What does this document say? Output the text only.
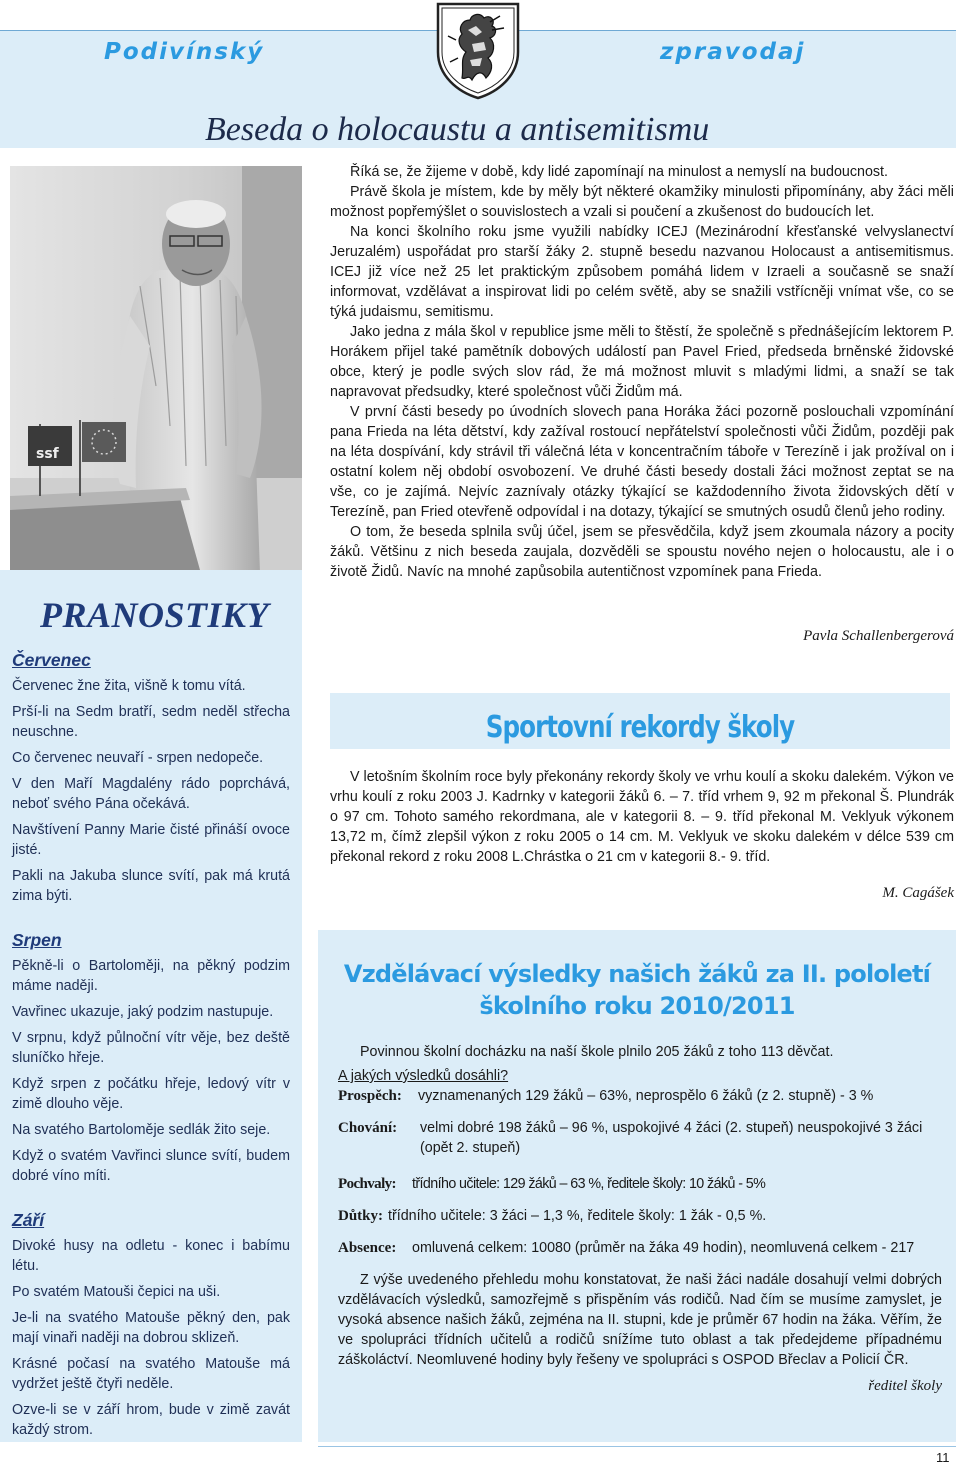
Podivínský	zpravodaj
Beseda o holocaustu a antisemitismu
ssf
PRANOSTIKY
Červenec
Červenec žne žita, višně k tomu vítá.
Prší-li na Sedm bratří, sedm neděl střecha neuschne.
Co červenec neuvaří - srpen nedopeče.
V den Maří Magdalény rádo poprchává, neboť svého Pána očekává.
Navštívení Panny Marie čisté přináší ovoce jisté.
Pakli na Jakuba slunce svítí, pak má krutá zima býti.
Srpen
Pěkně-li o Bartoloměji, na pěkný podzim máme naději.
Vavřinec ukazuje, jaký podzim nastupuje.
V srpnu, když půlnoční vítr věje, bez deště sluníčko hřeje.
Když srpen z počátku hřeje, ledový vítr v zimě dlouho věje.
Na svatého Bartoloměje sedlák žito seje.
Když o svatém Vavřinci slunce svítí, budem dobré víno míti.
Září
Divoké husy na odletu - konec i babímu létu.
Po svatém Matouši čepici na uši.
Je-li na svatého Matouše pěkný den, pak mají vinaři naději na dobrou sklizeň.
Krásné počasí na svatého Matouše má vydržet ještě čtyři neděle.
Ozve-li se v září hrom, bude v zimě zavát každý strom.

Říká se, že žijeme v době, kdy lidé zapomínají na minulost a nemyslí na budoucnost.

Právě škola je místem, kde by měly být některé okamžiky minulosti připomínány, aby žáci měli možnost popřemýšlet o souvislostech a vzali si poučení a zkušenost do budoucích let.

Na konci školního roku jsme využili nabídky ICEJ (Mezinárodní křesťanské velvyslanectví Jeruzalém) uspořádat pro starší žáky 2. stupně besedu nazvanou Holocaust a antisemitismus. ICEJ již více než 25 let praktickým způsobem pomáhá lidem v Izraeli a současně se snaží informovat, vzdělávat a inspirovat lidi po celém světě, aby se snažili vstřícněji vnímat vše, co se týká judaismu, semitismu.

Jako jedna z mála škol v republice jsme měli to štěstí, že společně s přednášejícím lektorem P. Horákem přijel také pamětník dobových událostí pan Pavel Fried, předseda brněnské židovské obce, který je podle svých slov rád, že má možnost mluvit s mladými lidmi, a snaží se tak napravovat předsudky, které společnost vůči Židům má.

V první části besedy po úvodních slovech pana Horáka žáci pozorně poslouchali vzpomínání pana Frieda na léta dětství, kdy zažíval rostoucí nepřátelství společnosti vůči Židům, později pak na léta dospívání, kdy strávil tři válečná léta v koncentračním táboře v Terezíně i jak prožíval on i ostatní kolem něj období osvobození. Ve druhé části besedy dostali žáci možnost zeptat se na vše, co je zajímá. Nejvíc zaznívaly otázky týkající se každodenního života židovských dětí v Terezíně, pan Fried otevřeně odpovídal i na dotazy, týkající se smutných osudů členů jeho rodiny.

O tom, že beseda splnila svůj účel, jsem se přesvědčila, když jsem zkoumala názory a pocity žáků. Většinu z nich beseda zaujala, dozvěděli se spoustu nového nejen o holocaustu, ale i o životě Židů. Navíc na mnohé zapůsobila autentičnost vzpomínek pana Frieda.

Pavla Schallenbergerová
Sportovní rekordy školy

V letošním školním roce byly překonány rekordy školy ve vrhu koulí a skoku dalekém. Výkon ve vrhu koulí z roku 2003 J. Kadrnky v kategorii žáků 6. – 7. tříd vrhem 9, 92 m překonal Š. Plundrák o 97 cm. Tohoto samého rekordmana, ale v kategorii 8. – 9. tříd překonal M. Veklyuk výkonem 13,72 m, čímž zlepšil výkon z roku 2005 o 14 cm. M. Veklyuk ve skoku dalekém v délce 539 cm překonal rekord z roku 2008 L.Chrástka o 21 cm v kategorii 8.- 9. tříd.

M. Cagášek
Vzdělávací výsledky našich žáků za II. pololetí
školního roku 2010/2011

Povinnou školní docházku na naší škole plnilo 205 žáků z toho 113 děvčat.

A jakých výsledků dosáhli?

Prospěch:	vyznamenaných 129 žáků – 63%, neprospělo 6 žáků (z 2. stupně) - 3 %
Chování:	velmi dobré 198 žáků – 96 %, uspokojivé 4 žáci (2. stupeň) neuspokojivé 3 žáci (opět 2. stupeň)
Pochvaly:	třídního učitele: 129 žáků – 63 %, ředitele školy: 10 žáků - 5%
Důtky: třídního učitele: 3 žáci – 1,3 %, ředitele školy: 1 žák - 0,5 %.
Absence:	omluvená celkem: 10080 (průměr na žáka 49 hodin), neomluvená celkem - 217

Z výše uvedeného přehledu mohu konstatovat, že naši žáci nadále dosahují velmi dobrých vzdělávacích výsledků, samozřejmě s přispěním vás rodičů. Nad čím se musíme zamyslet, je vysoká absence našich žáků, zejména na II. stupni, kde je průměr 67 hodin na žáka. Věřím, že ve spolupráci třídních učitelů a rodičů snížíme tuto oblast a tak předejdeme případnému záškoláctví. Neomluvené hodiny byly řešeny ve spolupráci s OSPOD Břeclav a Policií ČR.

ředitel školy

11
